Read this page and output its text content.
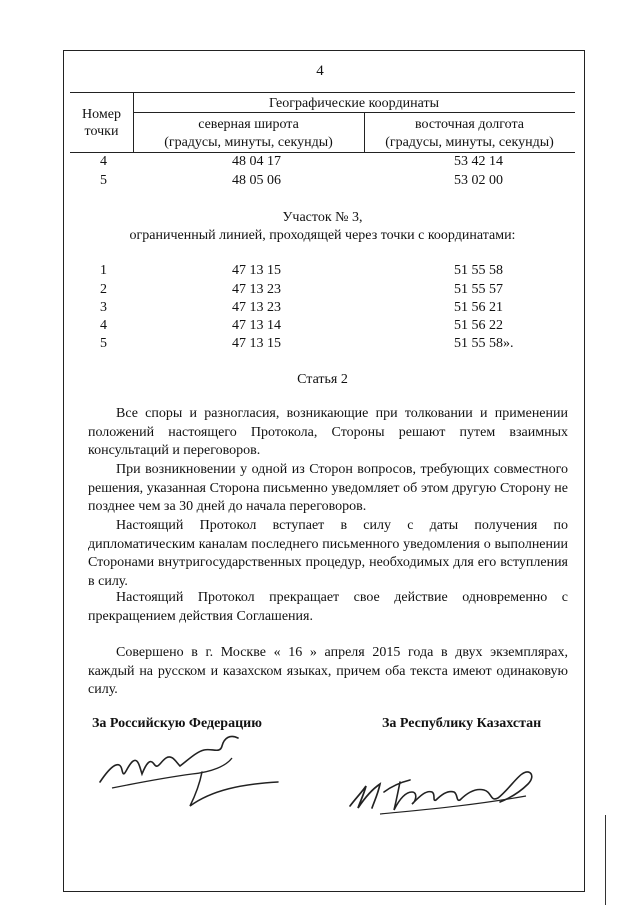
4
Номер
точки
Географические координаты
северная широта
(градусы, минуты, секунды)
восточная долгота
(градусы, минуты, секунды)
4	48 04 17	53 42 14
5	48 05 06	53 02 00
Участок № 3,
ограниченный линией, проходящей через точки с координатами:
1	47 13 15	51 55 58
2	47 13 23	51 55 57
3	47 13 23	51 56 21
4	47 13 14	51 56 22
5	47 13 15	51 55 58».
Статья 2
Все споры и разногласия, возникающие при толковании и применении положений настоящего Протокола, Стороны решают путем взаимных консультаций и переговоров.
При возникновении у одной из Сторон вопросов, требующих совместного решения, указанная Сторона письменно уведомляет об этом другую Сторону не позднее чем за 30 дней до начала переговоров.
Настоящий Протокол вступает в силу с даты получения по дипломатическим каналам последнего письменного уведомления о выполнении Сторонами внутригосударственных процедур, необходимых для его вступления в силу.
Настоящий Протокол прекращает свое действие одновременно с прекращением действия Соглашения.
Совершено в г. Москве « 16 » апреля 2015 года в двух экземплярах, каждый на русском и казахском языках, причем оба текста имеют одинаковую силу.
За Российскую Федерацию	За Республику Казахстан
